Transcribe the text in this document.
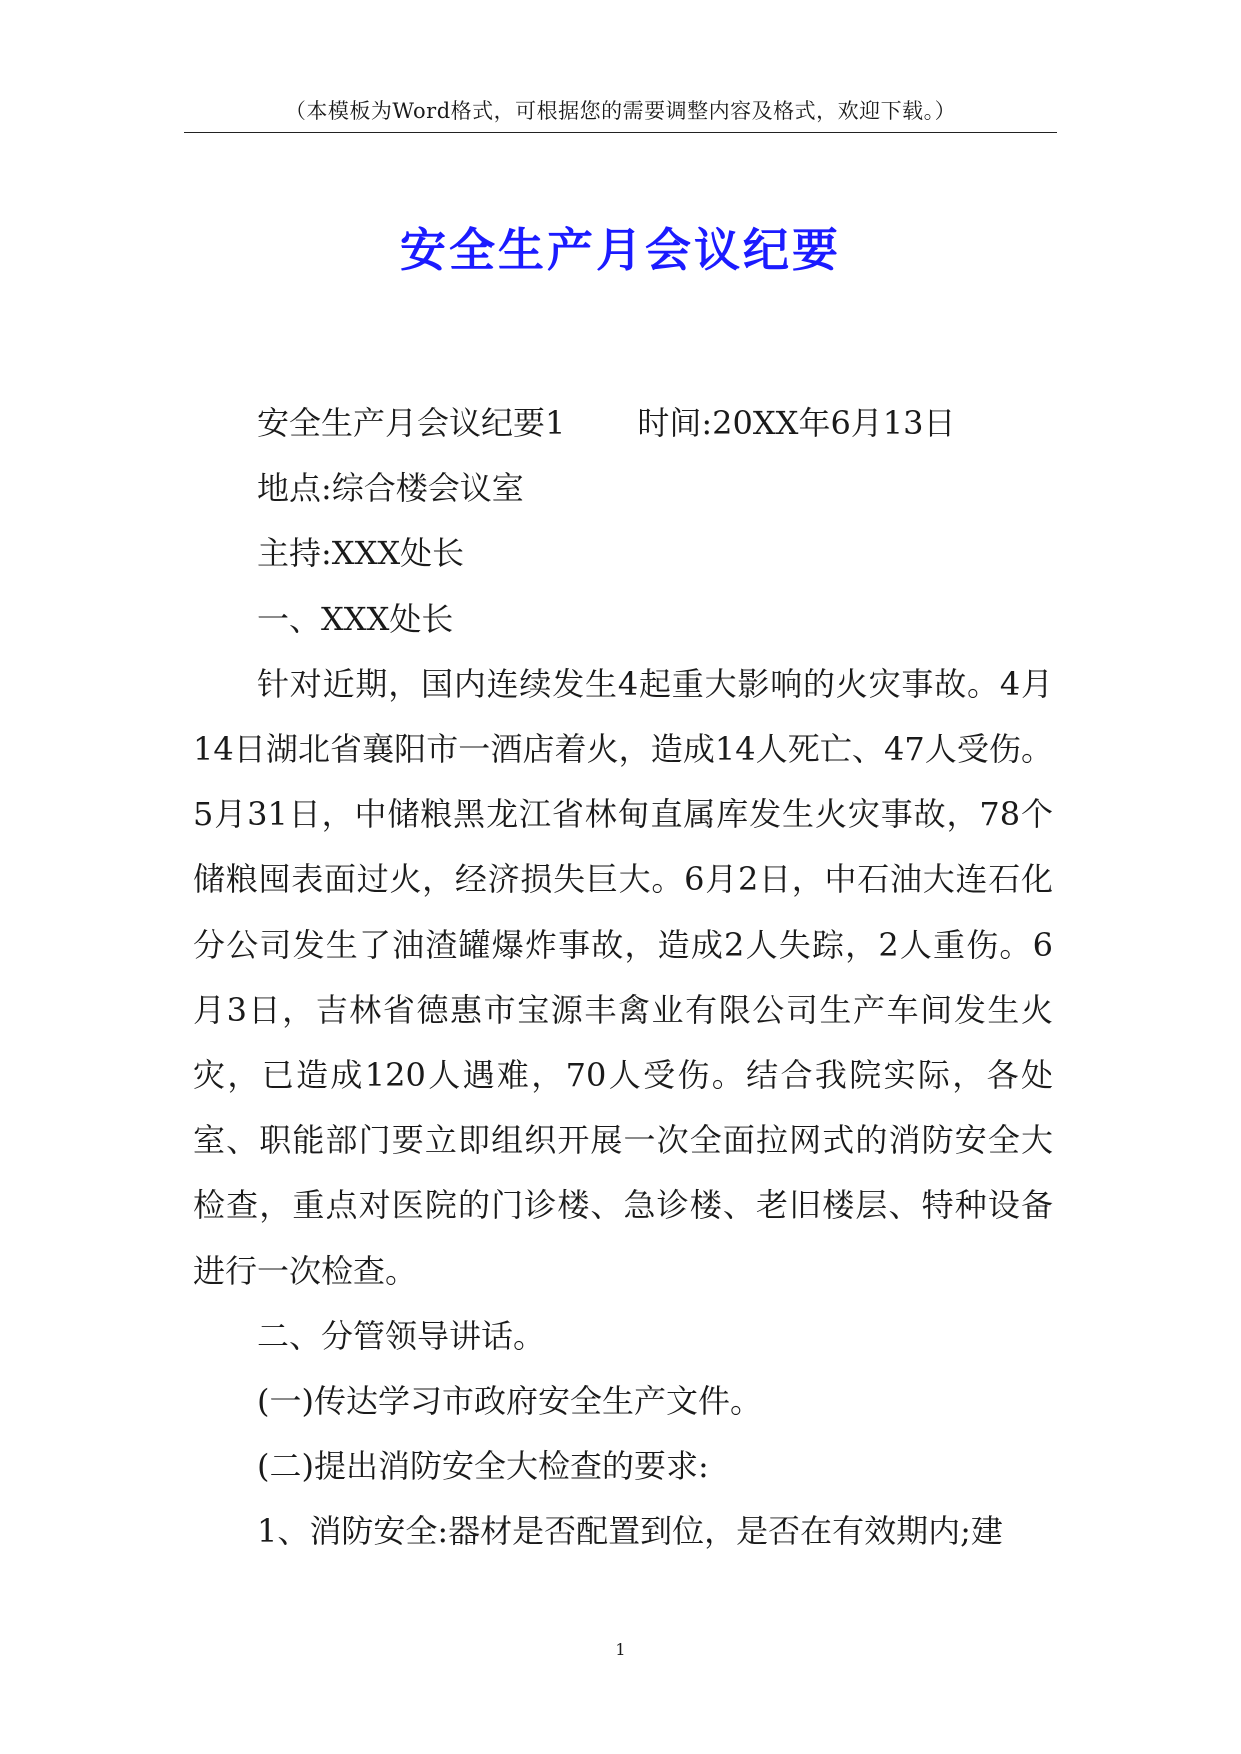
（本模板为Word格式，可根据您的需要调整内容及格式，欢迎下载。）
安全生产月会议纪要

安全生产月会议纪要1 时间:20XX年6月13日

地点:综合楼会议室

主持:XXX处长

一、XXX处长

针对近期，国内连续发生4起重大影响的火灾事故。4月14日湖北省襄阳市一酒店着火，造成14人死亡、47人受伤。5月31日，中储粮黑龙江省林甸直属库发生火灾事故，78个储粮囤表面过火，经济损失巨大。6月2日，中石油大连石化分公司发生了油渣罐爆炸事故，造成2人失踪，2人重伤。6月3日，吉林省德惠市宝源丰禽业有限公司生产车间发生火灾，已造成120人遇难，70人受伤。结合我院实际，各处室、职能部门要立即组织开展一次全面拉网式的消防安全大检查，重点对医院的门诊楼、急诊楼、老旧楼层、特种设备进行一次检查。

二、分管领导讲话。

(一)传达学习市政府安全生产文件。

(二)提出消防安全大检查的要求:

1、消防安全:器材是否配置到位，是否在有效期内;建

1
